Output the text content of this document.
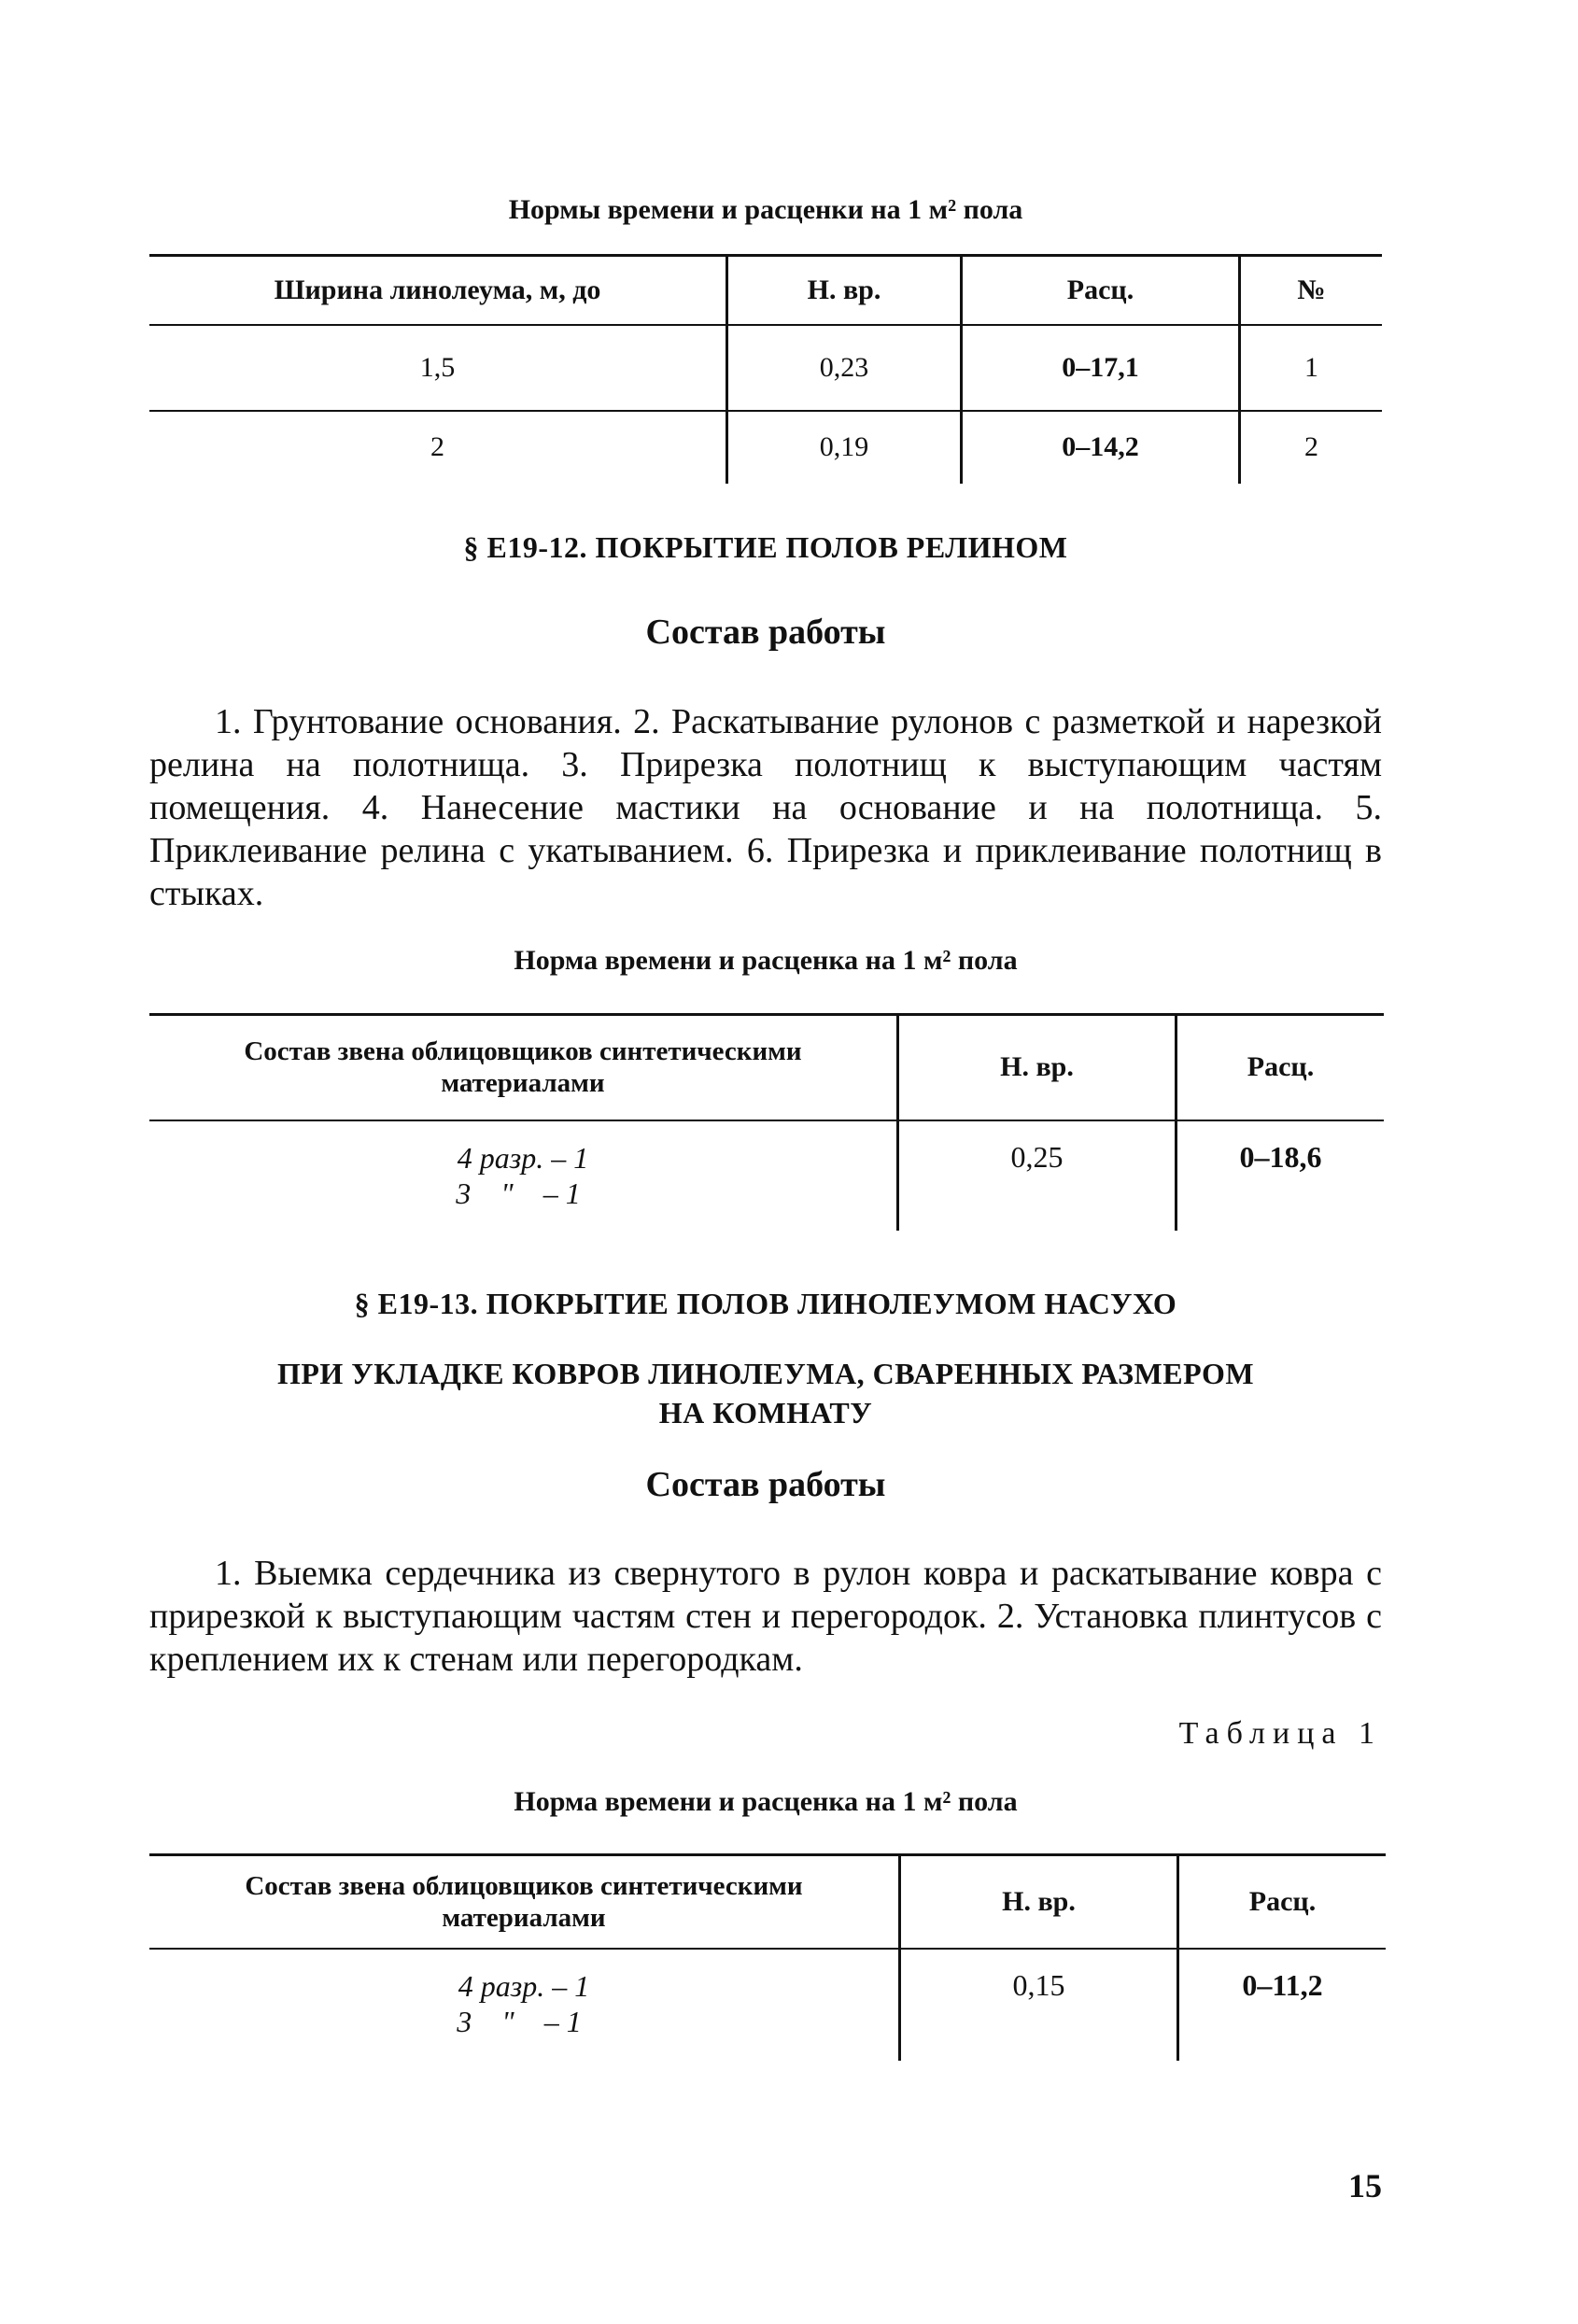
Нормы времени и расценки на 1 м² пола
Ширина линолеума, м, до	Н. вр.	Расц.	№
1,5	0,23	0–17,1	1
2	0,19	0–14,2	2
§ Е19-12. ПОКРЫТИЕ ПОЛОВ РЕЛИНОМ
Состав работы
1. Грунтование основания. 2. Раскатывание рулонов с разметкой и нарезкой релина на полотнища. 3. Прирезка полотнищ к выступающим частям помещения. 4. Нанесение мастики на основание и на полотнища. 5. Приклеивание релина с укатыванием. 6. Прирезка и приклеивание полотнищ в стыках.
Норма времени и расценка на 1 м² пола
Состав звена облицовщиков синтетическими материалами	Н. вр.	Расц.

4 разр. – 1
3    "    – 1	0,25	0–18,6
§ Е19-13. ПОКРЫТИЕ ПОЛОВ ЛИНОЛЕУМОМ НАСУХО
ПРИ УКЛАДКЕ КОВРОВ ЛИНОЛЕУМА, СВАРЕННЫХ РАЗМЕРОМ
НА КОМНАТУ
Состав работы
1. Выемка сердечника из свернутого в рулон ковра и раскатывание ковра с прирезкой к выступающим частям стен и перегородок. 2. Установка плинтусов с креплением их к стенам или перегородкам.
Таблица 1
Норма времени и расценка на 1 м² пола
Состав звена облицовщиков синтетическими материалами	Н. вр.	Расц.

4 разр. – 1
3    "    – 1	0,15	0–11,2
15
